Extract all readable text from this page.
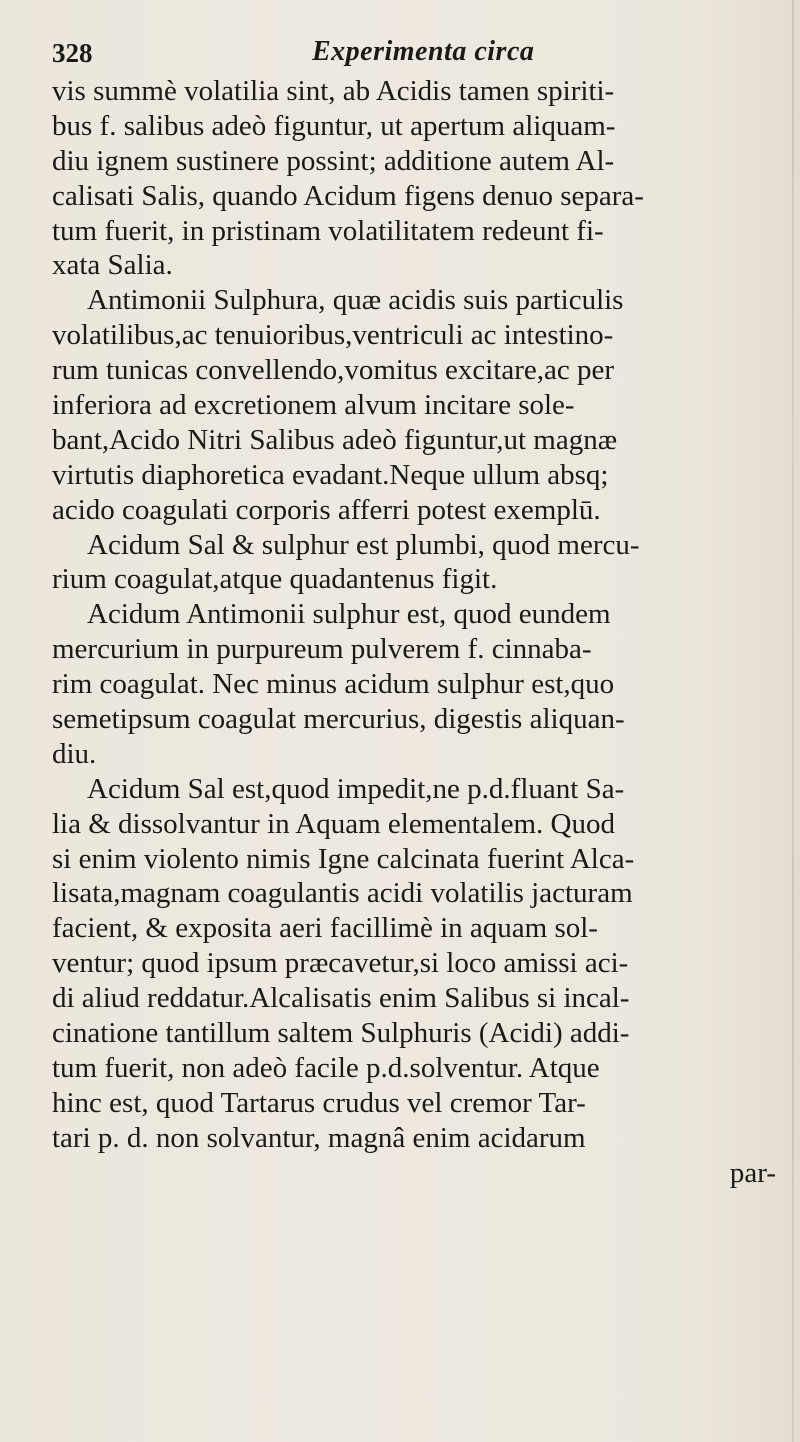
328	Experimenta circa
vis summè volatilia sint, ab Acidis tamen spiriti-
bus f. salibus adeò figuntur, ut apertum aliquam-
diu ignem sustinere possint; additione autem Al-
calisati Salis, quando Acidum figens denuo separa-
tum fuerit, in pristinam volatilitatem redeunt fi-
xata Salia.
Antimonii Sulphura, quæ acidis suis particulis
volatilibus,ac tenuioribus,ventriculi ac intestino-
rum tunicas convellendo,vomitus excitare,ac per
inferiora ad excretionem alvum incitare sole-
bant,Acido Nitri Salibus adeò figuntur,ut magnæ
virtutis diaphoretica evadant.Neque ullum absq;
acido coagulati corporis afferri potest exemplū.
Acidum Sal & sulphur est plumbi, quod mercu-
rium coagulat,atque quadantenus figit.
Acidum Antimonii sulphur est, quod eundem
mercurium in purpureum pulverem f. cinnaba-
rim coagulat. Nec minus acidum sulphur est,quo
semetipsum coagulat mercurius, digestis aliquan-
diu.
Acidum Sal est,quod impedit,ne p.d.fluant Sa-
lia & dissolvantur in Aquam elementalem. Quod
si enim violento nimis Igne calcinata fuerint Alca-
lisata,magnam coagulantis acidi volatilis jacturam
facient, & exposita aeri facillimè in aquam sol-
ventur; quod ipsum præcavetur,si loco amissi aci-
di aliud reddatur.Alcalisatis enim Salibus si incal-
cinatione tantillum saltem Sulphuris (Acidi) addi-
tum fuerit, non adeò facile p.d.solventur. Atque
hinc est, quod Tartarus crudus vel cremor Tar-
tari p. d. non solvantur, magnâ enim acidarum
par-
